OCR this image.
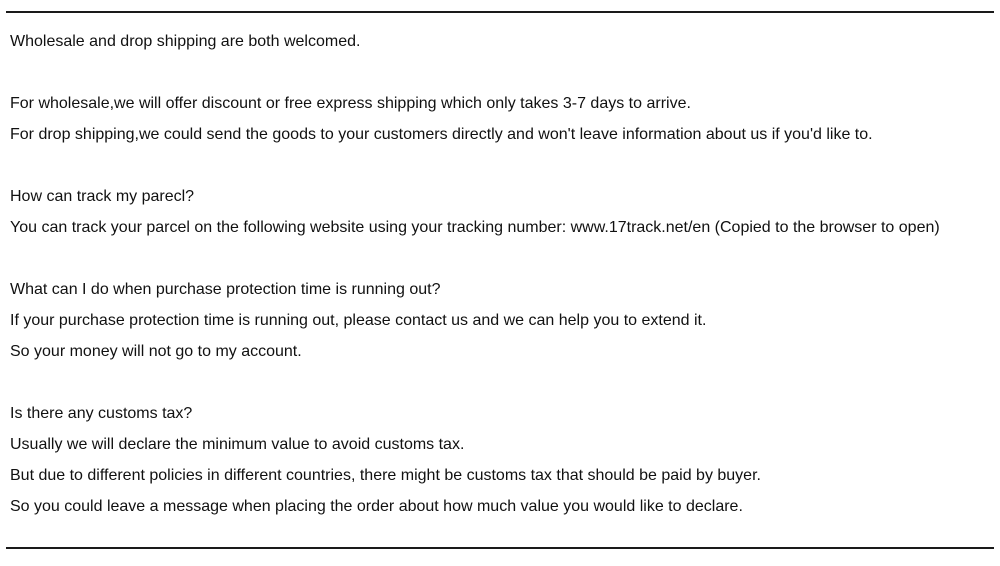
Wholesale and drop shipping are both welcomed.
For wholesale,we will offer discount or free express shipping which only takes 3-7 days to arrive.
For drop shipping,we could send the goods to your customers directly and won't leave information about us if you'd like to.
How can track my parecl?
You can track your parcel on the following website using your tracking number: www.17track.net/en (Copied to the browser to open)
What can I do when purchase protection time is running out?
If your purchase protection time is running out, please contact us and we can help you to extend it.
So your money will not go to my account.
Is there any customs tax?
Usually we will declare the minimum value to avoid customs tax.
But due to different policies in different countries, there might be customs tax that should be paid by buyer.
So you could leave a message when placing the order about how much value you would like to declare.
